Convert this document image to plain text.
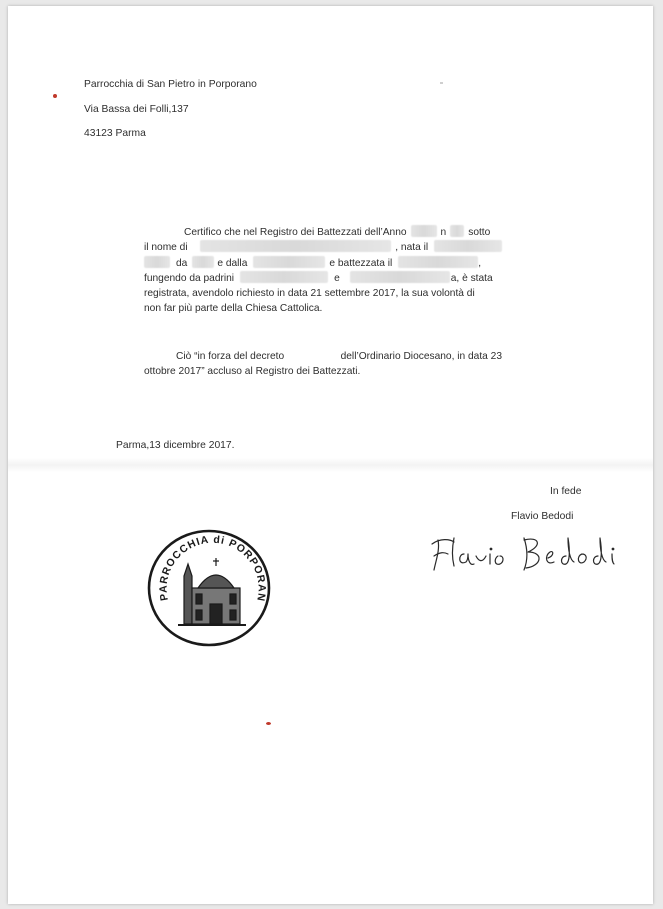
Parrocchia di San Pietro in Porporano
Via Bassa dei Folli,137
43123 Parma
Certifico che nel Registro dei Battezzati dell’Anno	n sotto
il nome di	, nata il
da	e dalla	e battezzata il	,
fungendo da padrini	e	a, è stata
registrata, avendolo richiesto in data 21 settembre 2017, la sua volontà di
non far più parte della Chiesa Cattolica.
Ciò “in forza del decreto	dell’Ordinario Diocesano, in data 23
ottobre 2017” accluso al Registro dei Battezzati.
Parma,13 dicembre 2017.
In fede
Flavio Bedodi
PARROCCHIA di PORPORAN
